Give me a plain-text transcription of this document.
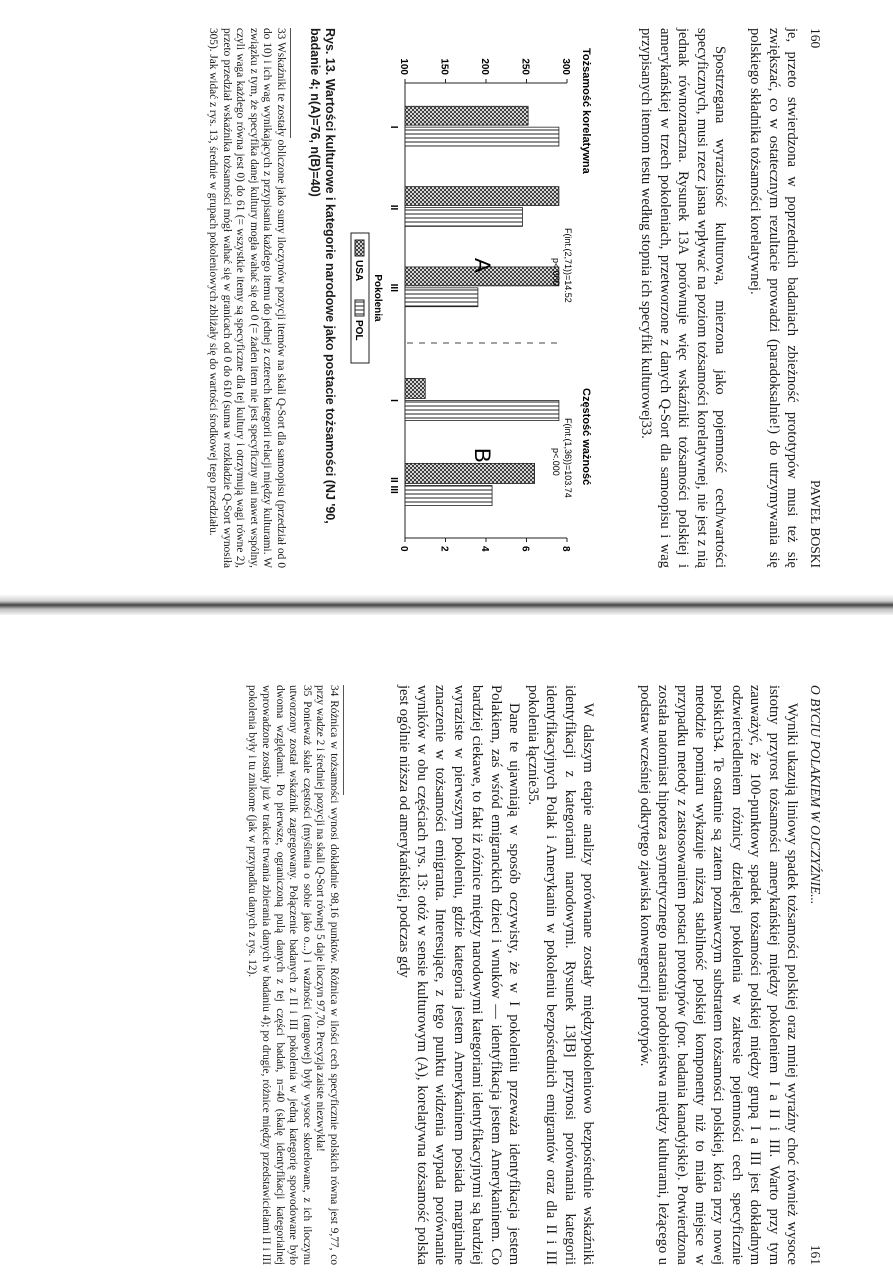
160
PAWEŁ BOSKI

je, przeto stwierdzona w poprzednich badaniach zbieżność prototypów musi też się zwiększać, co w ostatecznym rezultacie prowadzi (paradoksalnie!) do utrzymywania się polskiego składnika tożsamości korelatywnej.

Spostrzegana wyrazistość kulturowa, mierzona jako pojemność cech/wartości specyficznych, musi rzecz jasna wpływać na poziom tożsamości korelatywnej, nie jest z nią jednak równoznaczna. Rysunek 13A porównuje więc wskaźniki tożsamości polskiej i amerykańskiej w trzech pokoleniach, przetworzone z danych Q-Sort dla samoopisu i wag przypisanych itemom testu według stopnia ich specyfiki kulturowej33.

Tożsamość korelatywna
Częstość ważność
100	150	200	250	300
0	2	4	6	8
I
II
III
I
II III
A
B
F(int.(2,71))=14.52
p<.000
F(int.(1,36))=103.74
p<.000
Pokolenia
USA
POL
Rys. 13. Wartości kulturowe i kategorie narodowe jako postacie tożsamości (NJ '90, badanie 4; n(A)=76, n(B)=40)

33 Wskaźniki te zostały obliczone jako sumy iloczynów pozycji itemów na skali Q-Sort dla samoopisu (przedział od 0 do 10) i ich wag wynikających z przypisania każdego itemu do jednej z czterech kategorii relacji między kulturami. W związku z tym, że specyfika danej kultury mogła wahać się od 0 (= żaden item nie jest specyficzny ani nawet wspólny, czyli waga każdego równa jest 0) do 61 (= wszystkie itemy są specyficzne dla tej kultury i otrzymują wagi równe 2), przeto przedział wskaźnika tożsamości mógł wahać się w granicach od 0 do 610 (suma w rozkładzie Q-Sort wynosiła 305). Jak widać z rys. 13, średnie w grupach pokoleniowych zbliżały się do wartości środkowej tego przedziału.

O BYCIU POLAKIEM W OJCZYŹNIE...
161

Wyniki ukazują liniowy spadek tożsamości polskiej oraz mniej wyraźny choć również wysoce istotny przyrost tożsamości amerykańskiej między pokoleniem I a II i III. Warto przy tym zauważyć, że 100-punktowy spadek tożsamości polskiej między grupą I a III jest dokładnym odzwierciedleniem różnicy dzielącej pokolenia w zakresie pojemności cech specyficznie polskich34. Te ostatnie są zatem poznawczym substratem tożsamości polskiej, która przy nowej metodzie pomiaru wykazuje niższą stabilność polskiej komponenty niż to miało miejsce w przypadku metody z zastosowaniem postaci prototypów (por. badania kanadyjskie). Potwierdzona została natomiast hipoteza asymetrycznego narastania podobieństwa między kulturami, leżącego u podstaw wcześniej odkrytego zjawiska konwergencji prototypów.

W dalszym etapie analizy porównane zostały międzypokoleniowo bezpośrednie wskaźniki identyfikacji z kategoriami narodowymi. Rysunek 13[B] przynosi porównania kategorii identyfikacyjnych Polak i Amerykanin w pokoleniu bezpośrednich emigrantów oraz dla II i III pokolenia łącznie35.

Dane te ujawniają w sposób oczywisty, że w I pokoleniu przeważa identyfikacja jestem Polakiem, zaś wśród emigranckich dzieci i wnuków — identyfikacja jestem Amerykaninem. Co bardziej ciekawe, to fakt iż różnice między narodowymi kategoriami identyfikacyjnymi są bardziej wyraziste w pierwszym pokoleniu, gdzie kategoria jestem Amerykaninem posiada marginalne znaczenie w tożsamości emigranta. Interesujące, z tego punktu widzenia wypada porównanie wyników w obu częściach rys. 13: otóż w sensie kulturowym (A), korelatywna tożsamość polska jest ogólnie niższa od amerykańskiej, podczas gdy

34 Różnica w tożsamości wynosi dokładnie 98,16 punktów. Różnica w ilości cech specyficznie polskich równa jest 9,77, co przy wadze 2 i średniej pozycji na skali Q-Sort równej 5 daje iloczyn 97,70. Precyzja zaiste niezwykła!

35 Ponieważ skale częstości (myślenia o sobie jako o...) i ważności (rangowej) były wysoce skorelowane, z ich iloczynu utworzony został wskaźnik zagregowany. Połączenie badanych z II i III pokolenia w jedną kategorię spowodowane było dwoma względami. Po pierwsze, ograniczoną pulą danych z tej części badań, n=40 (skalę identyfikacji kategorialnej wprowadzone zostały już w trakcie trwania zbierania danych w badaniu 4); po drugie, różnice między przedstawicielami II i III pokolenia były i tu znikome (jak w przypadku danych z rys. 12).
